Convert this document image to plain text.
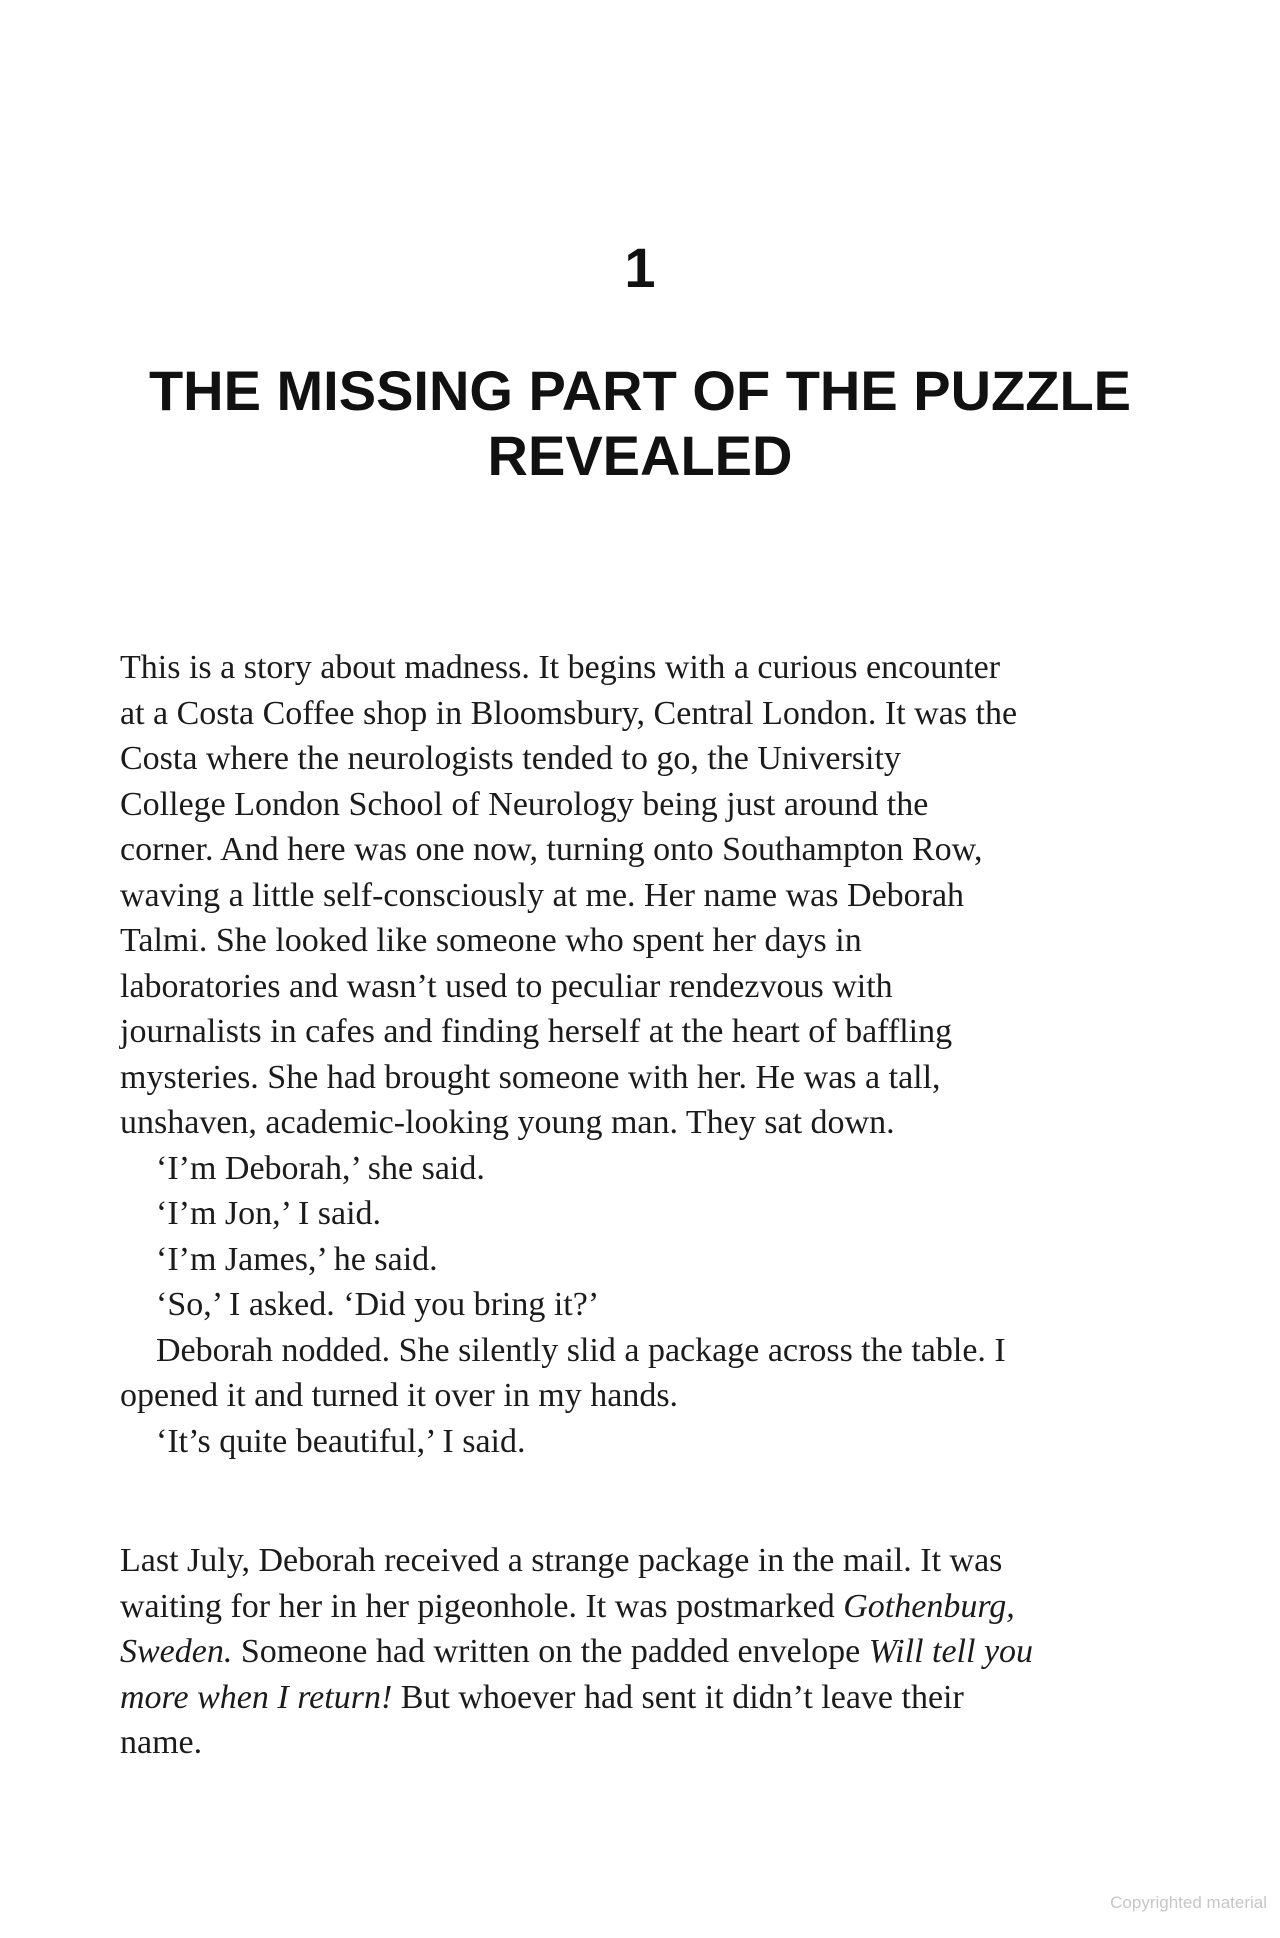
1
THE MISSING PART OF THE PUZZLE
REVEALED
This is a story about madness. It begins with a curious encounter
at a Costa Coffee shop in Bloomsbury, Central London. It was the
Costa where the neurologists tended to go, the University
College London School of Neurology being just around the
corner. And here was one now, turning onto Southampton Row,
waving a little self-consciously at me. Her name was Deborah
Talmi. She looked like someone who spent her days in
laboratories and wasn’t used to peculiar rendezvous with
journalists in cafes and finding herself at the heart of baffling
mysteries. She had brought someone with her. He was a tall,
unshaven, academic-looking young man. They sat down.
‘I’m Deborah,’ she said.
‘I’m Jon,’ I said.
‘I’m James,’ he said.
‘So,’ I asked. ‘Did you bring it?’
Deborah nodded. She silently slid a package across the table. I
opened it and turned it over in my hands.
‘It’s quite beautiful,’ I said.
Last July, Deborah received a strange package in the mail. It was
waiting for her in her pigeonhole. It was postmarked Gothenburg,
Sweden. Someone had written on the padded envelope Will tell you
more when I return! But whoever had sent it didn’t leave their
name.
Copyrighted material
